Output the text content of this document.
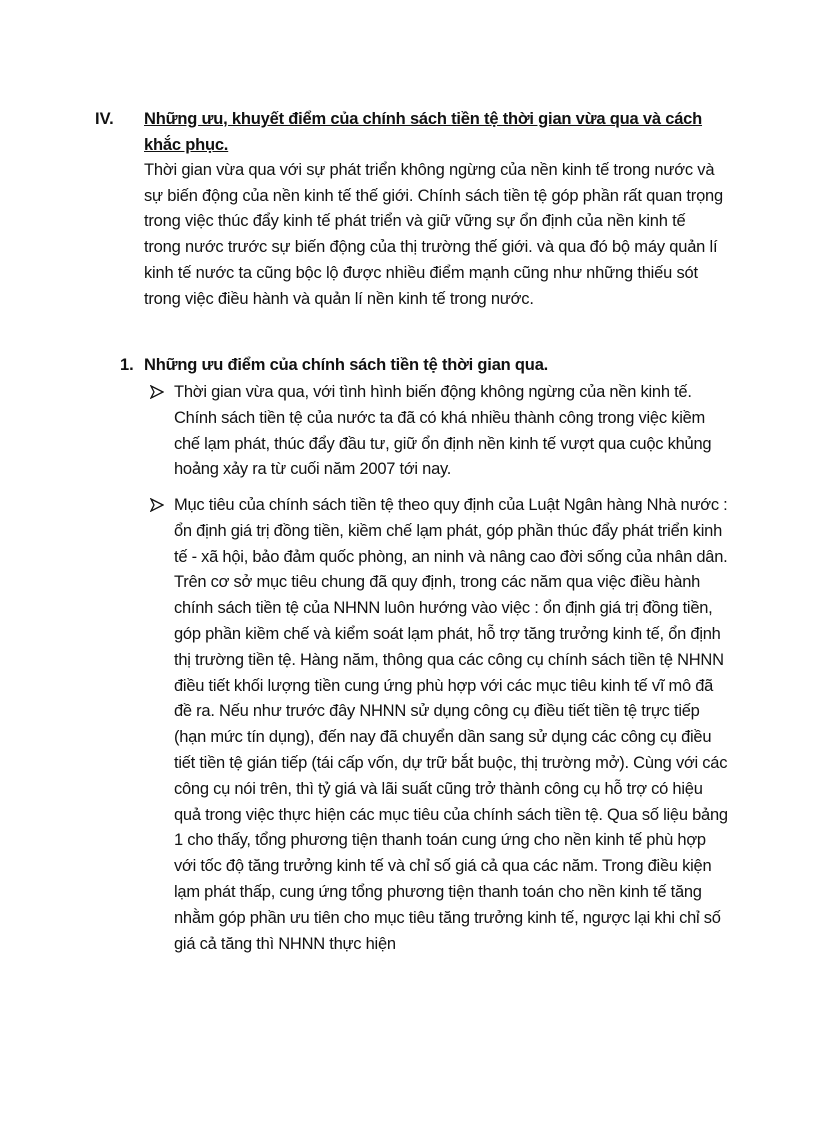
IV. Những ưu, khuyết điểm của chính sách tiền tệ thời gian vừa qua và cách khắc phục.
Thời gian vừa qua với sự phát triển không ngừng của nền kinh tế trong nước và sự biến động của nền kinh tế thế giới. Chính sách tiền tệ góp phần rất quan trọng trong việc thúc đẩy kinh tế phát triển và giữ vững sự ổn định của nền kinh tế trong nước trước sự biến động của thị trường thế giới. và qua đó bộ máy quản lí kinh tế nước ta cũng bộc lộ được nhiều điểm mạnh cũng như những thiếu sót trong việc điều hành và quản lí nền kinh tế trong nước.
1. Những ưu điểm của chính sách tiền tệ thời gian qua.
Thời gian vừa qua, với tình hình biến động không ngừng của nền kinh tế. Chính sách tiền tệ của nước ta đã có khá nhiều thành công trong việc kiềm chế lạm phát, thúc đẩy đầu tư, giữ ổn định nền kinh tế vượt qua cuộc khủng hoảng xảy ra từ cuối năm 2007 tới nay.
Mục tiêu của chính sách tiền tệ theo quy định của Luật Ngân hàng Nhà nước : ổn định giá trị đồng tiền, kiềm chế lạm phát, góp phần thúc đẩy phát triển kinh tế - xã hội, bảo đảm quốc phòng, an ninh và nâng cao đời sống của nhân dân. Trên cơ sở mục tiêu chung đã quy định, trong các năm qua việc điều hành chính sách tiền tệ của NHNN luôn hướng vào việc : ổn định giá trị đồng tiền, góp phần kiềm chế và kiểm soát lạm phát, hỗ trợ tăng trưởng kinh tế, ổn định thị trường tiền tệ. Hàng năm, thông qua các công cụ chính sách tiền tệ NHNN điều tiết khối lượng tiền cung ứng phù hợp với các mục tiêu kinh tế vĩ mô đã đề ra. Nếu như trước đây NHNN sử dụng công cụ điều tiết tiền tệ trực tiếp (hạn mức tín dụng), đến nay đã chuyển dần sang sử dụng các công cụ điều tiết tiền tệ gián tiếp (tái cấp vốn, dự trữ bắt buộc, thị trường mở). Cùng với các công cụ nói trên, thì tỷ giá và lãi suất cũng trở thành công cụ hỗ trợ có hiệu quả trong việc thực hiện các mục tiêu của chính sách tiền tệ. Qua số liệu bảng 1 cho thấy, tổng phương tiện thanh toán cung ứng cho nền kinh tế phù hợp với tốc độ tăng trưởng kinh tế và chỉ số giá cả qua các năm. Trong điều kiện lạm phát thấp, cung ứng tổng phương tiện thanh toán cho nền kinh tế tăng nhằm góp phần ưu tiên cho mục tiêu tăng trưởng kinh tế, ngược lại khi chỉ số giá cả tăng thì NHNN thực hiện
